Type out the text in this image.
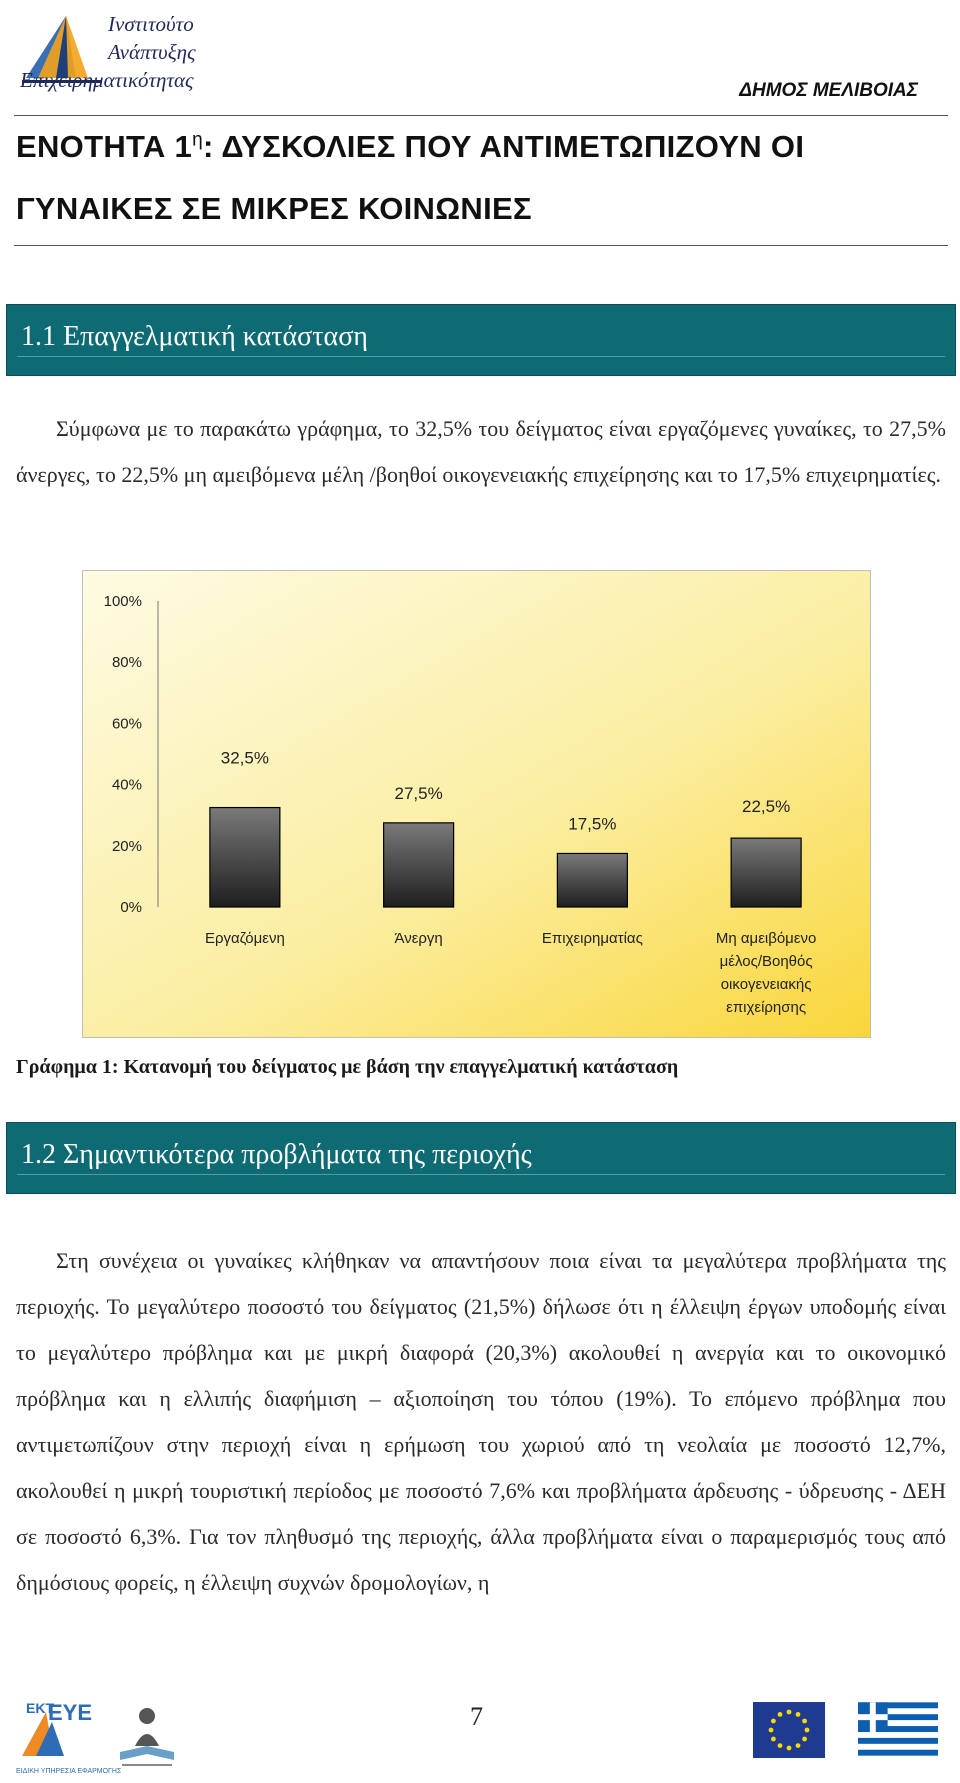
Ινστιτούτο
Ανάπτυξης
Επιχειρηματικότητας	ΔΗΜΟΣ ΜΕΛΙΒΟΙΑΣ
ΕΝΟΤΗΤΑ $1^\eta$: ΔΥΣΚΟΛΙΕΣ ΠΟΥ ΑΝΤΙΜΕΤΩΠΙΖΟΥΝ ΟΙ
ΓΥΝΑΙΚΕΣ ΣΕ ΜΙΚΡΕΣ ΚΟΙΝΩΝΙΕΣ
1.1 Επαγγελματική κατάσταση
Σύμφωνα με το παρακάτω γράφημα, το 32,5% του δείγματος είναι εργαζόμενες γυναίκες, το 27,5% άνεργες, το 22,5% μη αμειβόμενα μέλη /βοηθοί οικογενειακής επιχείρησης και το 17,5% επιχειρηματίες.
0%
20%
40%
60%
80%
100%
32,5%
27,5%
17,5%
22,5%
Εργαζόμενη	Άνεργη	Επιχειρηματίας	Μη αμειβόμενο
μέλος/Βοηθός
οικογενειακής
επιχείρησης
Γράφημα 1: Κατανομή του δείγματος με βάση την επαγγελματική κατάσταση
1.2 Σημαντικότερα προβλήματα της περιοχής
Στη συνέχεια οι γυναίκες κλήθηκαν να απαντήσουν ποια είναι τα μεγαλύτερα προβλήματα της περιοχής. Το μεγαλύτερο ποσοστό του δείγματος (21,5%) δήλωσε ότι η έλλειψη έργων υποδομής είναι το μεγαλύτερο πρόβλημα και με μικρή διαφορά (20,3%) ακολουθεί η ανεργία και το οικονομικό πρόβλημα και η ελλιπής διαφήμιση – αξιοποίηση του τόπου (19%). Το επόμενο πρόβλημα που αντιμετωπίζουν στην περιοχή είναι η ερήμωση του χωριού από τη νεολαία με ποσοστό 12,7%, ακολουθεί η μικρή τουριστική περίοδος με ποσοστό 7,6% και προβλήματα άρδευσης - ύδρευσης - ΔΕΗ σε ποσοστό 6,3%. Για τον πληθυσμό της περιοχής, άλλα προβλήματα είναι ο παραμερισμός τους από δημόσιους φορείς, η έλλειψη συχνών δρομολογίων, η
ΕΚΤ
ΕΥΕ
ΕΙΔΙΚΗ ΥΠΗΡΕΣΙΑ ΕΦΑΡΜΟΓΗΣ
7
